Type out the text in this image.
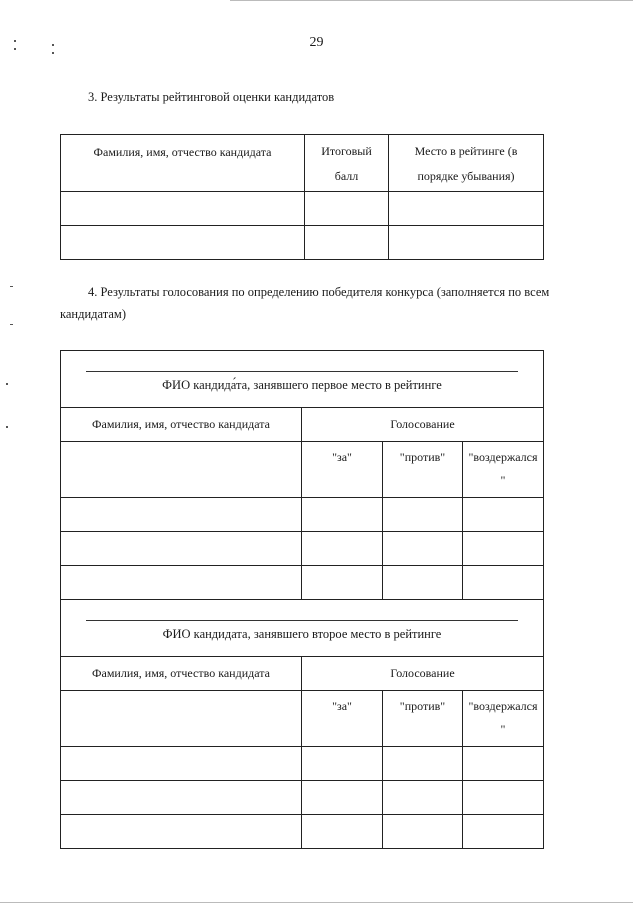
29
3. Результаты рейтинговой оценки кандидатов
Фамилия, имя, отчество кандидата	Итоговый
балл	Место в рейтинге (в
порядке убывания)

4. Результаты голосования по определению победителя конкурса (заполняется по всем
кандидатам)
ФИО кандида́та, занявшего первое место в рейтинге			

Фамилия, имя, отчество кандидата	Голосование		
	"за"	"против"	"воздержался
"

ФИО кандидата, занявшего второе место в рейтинге			

Фамилия, имя, отчество кандидата	Голосование		
	"за"	"против"	"воздержался
"
